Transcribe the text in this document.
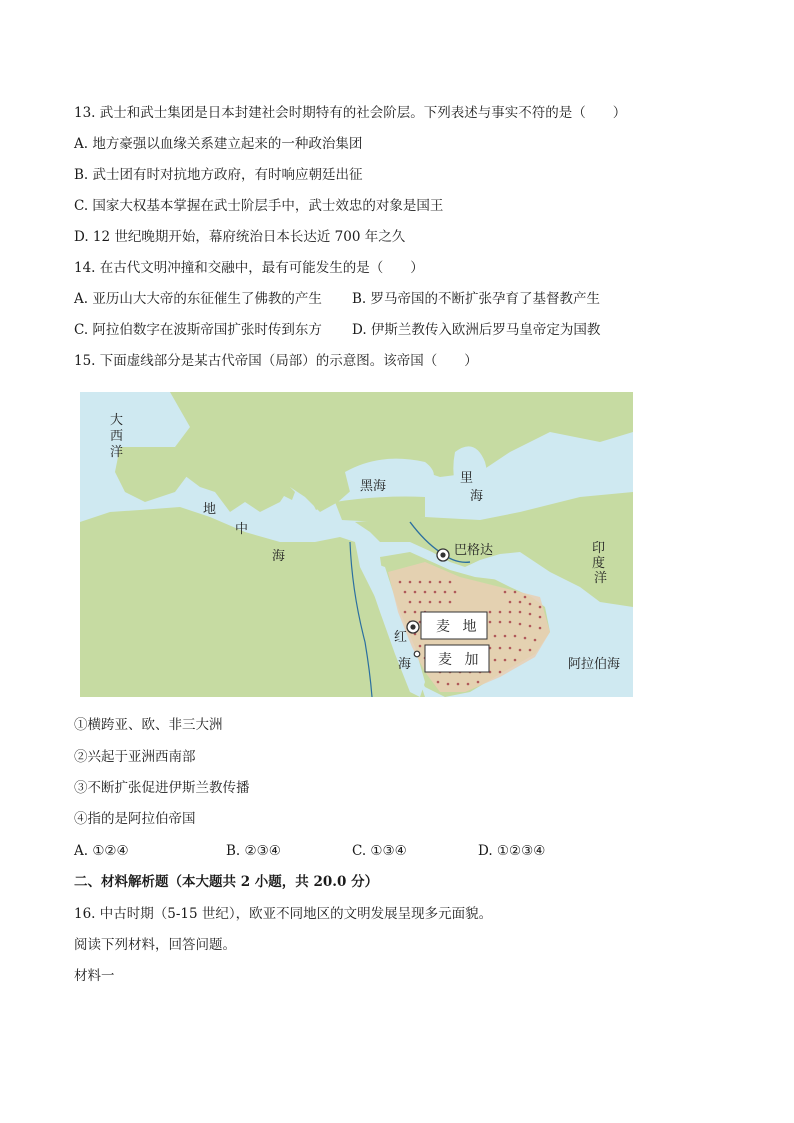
13. 武士和武士集团是日本封建社会时期特有的社会阶层。下列表述与事实不符的是（　　）
A. 地方豪强以血缘关系建立起来的一种政治集团
B. 武士团有时对抗地方政府，有时响应朝廷出征
C. 国家大权基本掌握在武士阶层手中，武士效忠的对象是国王
D. 12 世纪晚期开始，幕府统治日本长达近 700 年之久
14. 在古代文明冲撞和交融中，最有可能发生的是（　　）
A. 亚历山大大帝的东征催生了佛教的产生 B. 罗马帝国的不断扩张孕育了基督教产生
C. 阿拉伯数字在波斯帝国扩张时传到东方 D. 伊斯兰教传入欧洲后罗马皇帝定为国教
15. 下面虚线部分是某古代帝国（局部）的示意图。该帝国（　　）
大
西
洋
地
中
海
黑海
里
海
巴格达	印
度
洋
红
海	阿拉伯海
麦 地
麦 加
①横跨亚、欧、非三大洲
②兴起于亚洲西南部
③不断扩张促进伊斯兰教传播
④指的是阿拉伯帝国
A. ①②④	B. ②③④	C. ①③④	D. ①②③④
二、材料解析题（本大题共 2 小题，共 20.0 分）
16. 中古时期（5-15 世纪），欧亚不同地区的文明发展呈现多元面貌。
阅读下列材料，回答问题。
材料一
